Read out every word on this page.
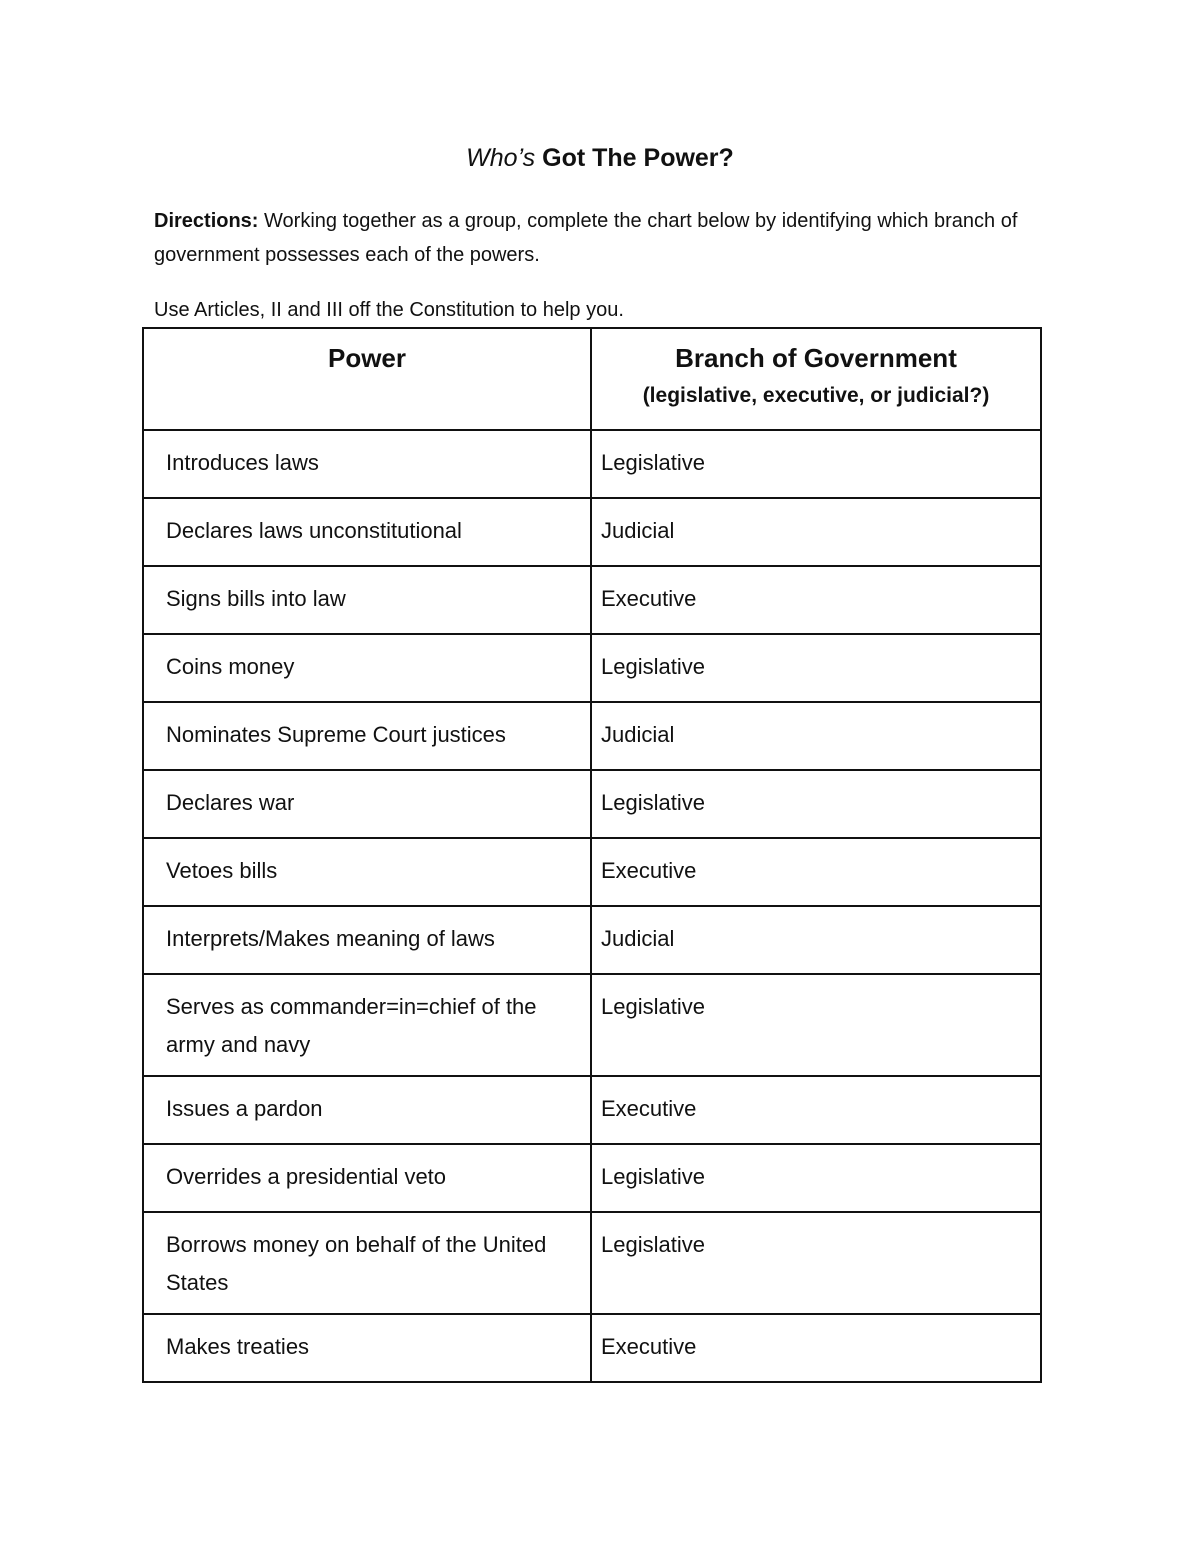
Who’s Got The Power?

Directions: Working together as a group, complete the chart below by identifying which branch of government possesses each of the powers.

Use Articles, II and III off the Constitution to help you.

Power	Branch of Government
(legislative, executive, or judicial?)

Introduces laws	Legislative
Declares laws unconstitutional	Judicial
Signs bills into law	Executive
Coins money	Legislative
Nominates Supreme Court justices	Judicial
Declares war	Legislative
Vetoes bills	Executive
Interprets/Makes meaning of laws	Judicial
Serves as commander=in=chief of the army and navy	Legislative
Issues a pardon	Executive
Overrides a presidential veto	Legislative
Borrows money on behalf of the United States	Legislative
Makes treaties	Executive
